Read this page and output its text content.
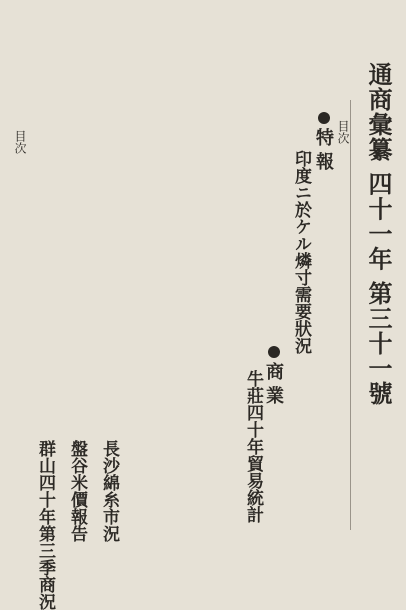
通商彙纂 四十一年 第三十一號
目次
特報
印度ニ於ケル燐寸需要狀況
目次
商業
牛莊四十年貿易統計
長沙綿糸市況
盤谷米價報告
群山四十年第三季商況
